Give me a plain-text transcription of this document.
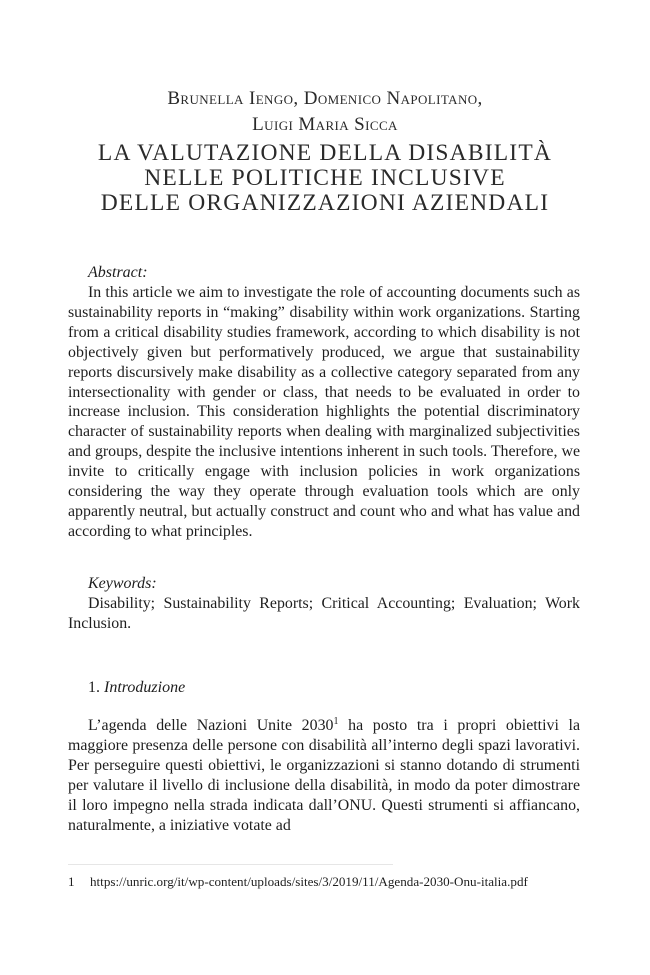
Brunella Iengo, Domenico Napolitano,
Luigi Maria Sicca
LA VALUTAZIONE DELLA DISABILITÀ
NELLE POLITICHE INCLUSIVE
DELLE ORGANIZZAZIONI AZIENDALI
Abstract:

In this article we aim to investigate the role of accounting documents such as sustainability reports in “making” disability within work organizations. Starting from a critical disability studies framework, according to which disability is not objectively given but performatively produced, we argue that sustainability reports discursively make disability as a collective category separated from any intersectionality with gender or class, that needs to be evaluated in order to increase inclusion. This consideration highlights the potential discriminatory character of sustainability reports when dealing with marginalized subjectivities and groups, despite the inclusive intentions inherent in such tools. Therefore, we invite to critically engage with inclusion policies in work organizations considering the way they operate through evaluation tools which are only apparently neutral, but actually construct and count who and what has value and according to what principles.

Keywords:

Disability; Sustainability Reports; Critical Accounting; Evaluation; Work Inclusion.

1. Introduzione

L’agenda delle Nazioni Unite 2030$^1$ ha posto tra i propri obiettivi la maggiore presenza delle persone con disabilità all’interno degli spazi lavorativi. Per perseguire questi obiettivi, le organizzazioni si stanno dotando di strumenti per valutare il livello di inclusione della disabilità, in modo da poter dimostrare il loro impegno nella strada indicata dall’ONU. Questi strumenti si affiancano, naturalmente, a iniziative votate ad

1 https://unric.org/it/wp-content/uploads/sites/3/2019/11/Agenda-2030-Onu-italia.pdf
